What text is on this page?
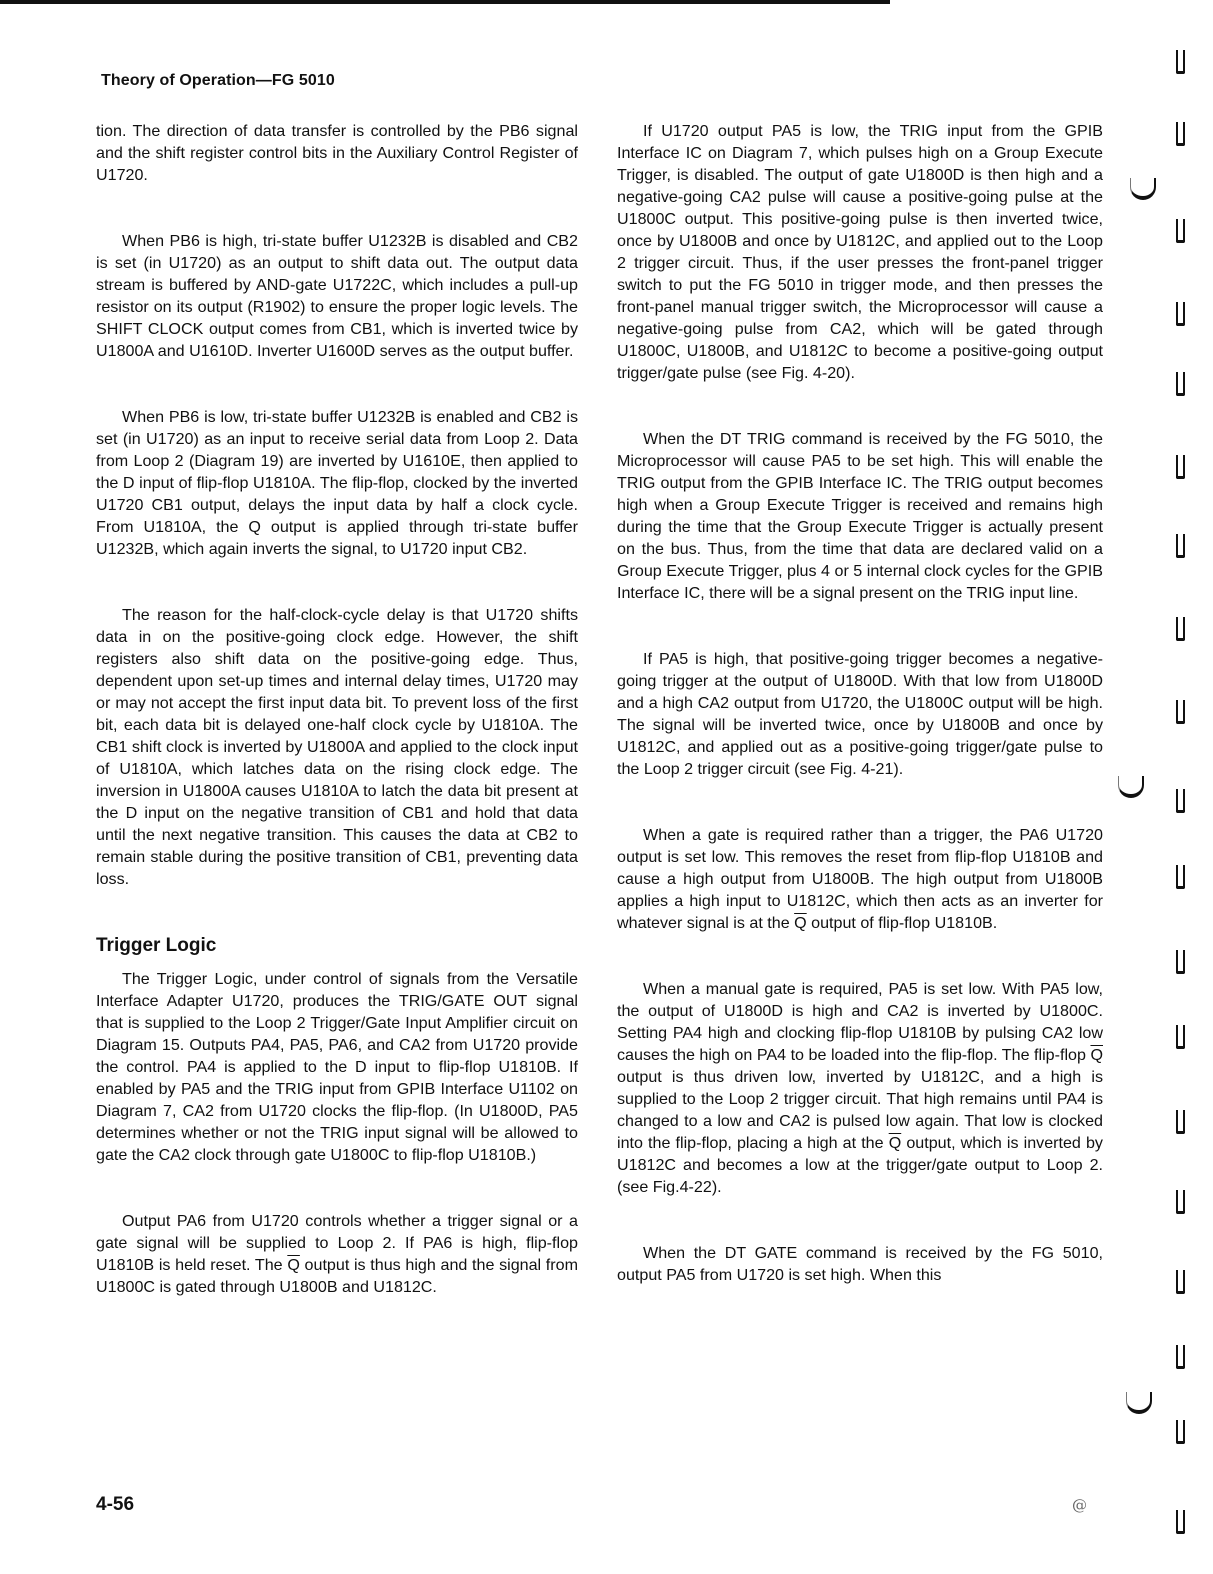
Theory of Operation—FG 5010

tion. The direction of data transfer is controlled by the PB6 signal and the shift register control bits in the Auxiliary Control Register of U1720.

When PB6 is high, tri-state buffer U1232B is disabled and CB2 is set (in U1720) as an output to shift data out. The output data stream is buffered by AND-gate U1722C, which includes a pull-up resistor on its output (R1902) to ensure the proper logic levels. The SHIFT CLOCK output comes from CB1, which is inverted twice by U1800A and U1610D. Inverter U1600D serves as the output buffer.

When PB6 is low, tri-state buffer U1232B is enabled and CB2 is set (in U1720) as an input to receive serial data from Loop 2. Data from Loop 2 (Diagram 19) are inverted by U1610E, then applied to the D input of flip-flop U1810A. The flip-flop, clocked by the inverted U1720 CB1 output, delays the input data by half a clock cycle. From U1810A, the Q output is applied through tri-state buffer U1232B, which again inverts the signal, to U1720 input CB2.

The reason for the half-clock-cycle delay is that U1720 shifts data in on the positive-going clock edge. However, the shift registers also shift data on the positive-going edge. Thus, dependent upon set-up times and internal delay times, U1720 may or may not accept the first input data bit. To prevent loss of the first bit, each data bit is delayed one-half clock cycle by U1810A. The CB1 shift clock is inverted by U1800A and applied to the clock input of U1810A, which latches data on the rising clock edge. The inversion in U1800A causes U1810A to latch the data bit present at the D input on the negative transition of CB1 and hold that data until the next negative transition. This causes the data at CB2 to remain stable during the positive transition of CB1, preventing data loss.

Trigger Logic

The Trigger Logic, under control of signals from the Versatile Interface Adapter U1720, produces the TRIG/GATE OUT signal that is supplied to the Loop 2 Trigger/Gate Input Amplifier circuit on Diagram 15. Outputs PA4, PA5, PA6, and CA2 from U1720 provide the control. PA4 is applied to the D input to flip-flop U1810B. If enabled by PA5 and the TRIG input from GPIB Interface U1102 on Diagram 7, CA2 from U1720 clocks the flip-flop. (In U1800D, PA5 determines whether or not the TRIG input signal will be allowed to gate the CA2 clock through gate U1800C to flip-flop U1810B.)

Output PA6 from U1720 controls whether a trigger signal or a gate signal will be supplied to Loop 2. If PA6 is high, flip-flop U1810B is held reset. The $\overline{Q}$ output is thus high and the signal from U1800C is gated through U1800B and U1812C.

If U1720 output PA5 is low, the TRIG input from the GPIB Interface IC on Diagram 7, which pulses high on a Group Execute Trigger, is disabled. The output of gate U1800D is then high and a negative-going CA2 pulse will cause a positive-going pulse at the U1800C output. This positive-going pulse is then inverted twice, once by U1800B and once by U1812C, and applied out to the Loop 2 trigger circuit. Thus, if the user presses the front-panel trigger switch to put the FG 5010 in trigger mode, and then presses the front-panel manual trigger switch, the Microprocessor will cause a negative-going pulse from CA2, which will be gated through U1800C, U1800B, and U1812C to become a positive-going output trigger/gate pulse (see Fig. 4-20).

When the DT TRIG command is received by the FG 5010, the Microprocessor will cause PA5 to be set high. This will enable the TRIG output from the GPIB Interface IC. The TRIG output becomes high when a Group Execute Trigger is received and remains high during the time that the Group Execute Trigger is actually present on the bus. Thus, from the time that data are declared valid on a Group Execute Trigger, plus 4 or 5 internal clock cycles for the GPIB Interface IC, there will be a signal present on the TRIG input line.

If PA5 is high, that positive-going trigger becomes a negative-going trigger at the output of U1800D. With that low from U1800D and a high CA2 output from U1720, the U1800C output will be high. The signal will be inverted twice, once by U1800B and once by U1812C, and applied out as a positive-going trigger/gate pulse to the Loop 2 trigger circuit (see Fig. 4-21).

When a gate is required rather than a trigger, the PA6 U1720 output is set low. This removes the reset from flip-flop U1810B and cause a high output from U1800B. The high output from U1800B applies a high input to U1812C, which then acts as an inverter for whatever signal is at the $\overline{Q}$ output of flip-flop U1810B.

When a manual gate is required, PA5 is set low. With PA5 low, the output of U1800D is high and CA2 is inverted by U1800C. Setting PA4 high and clocking flip-flop U1810B by pulsing CA2 low causes the high on PA4 to be loaded into the flip-flop. The flip-flop $\overline{Q}$ output is thus driven low, inverted by U1812C, and a high is supplied to the Loop 2 trigger circuit. That high remains until PA4 is changed to a low and CA2 is pulsed low again. That low is clocked into the flip-flop, placing a high at the $\overline{Q}$ output, which is inverted by U1812C and becomes a low at the trigger/gate output to Loop 2. (see Fig.4-22).

When the DT GATE command is received by the FG 5010, output PA5 from U1720 is set high. When this

4-56	@
